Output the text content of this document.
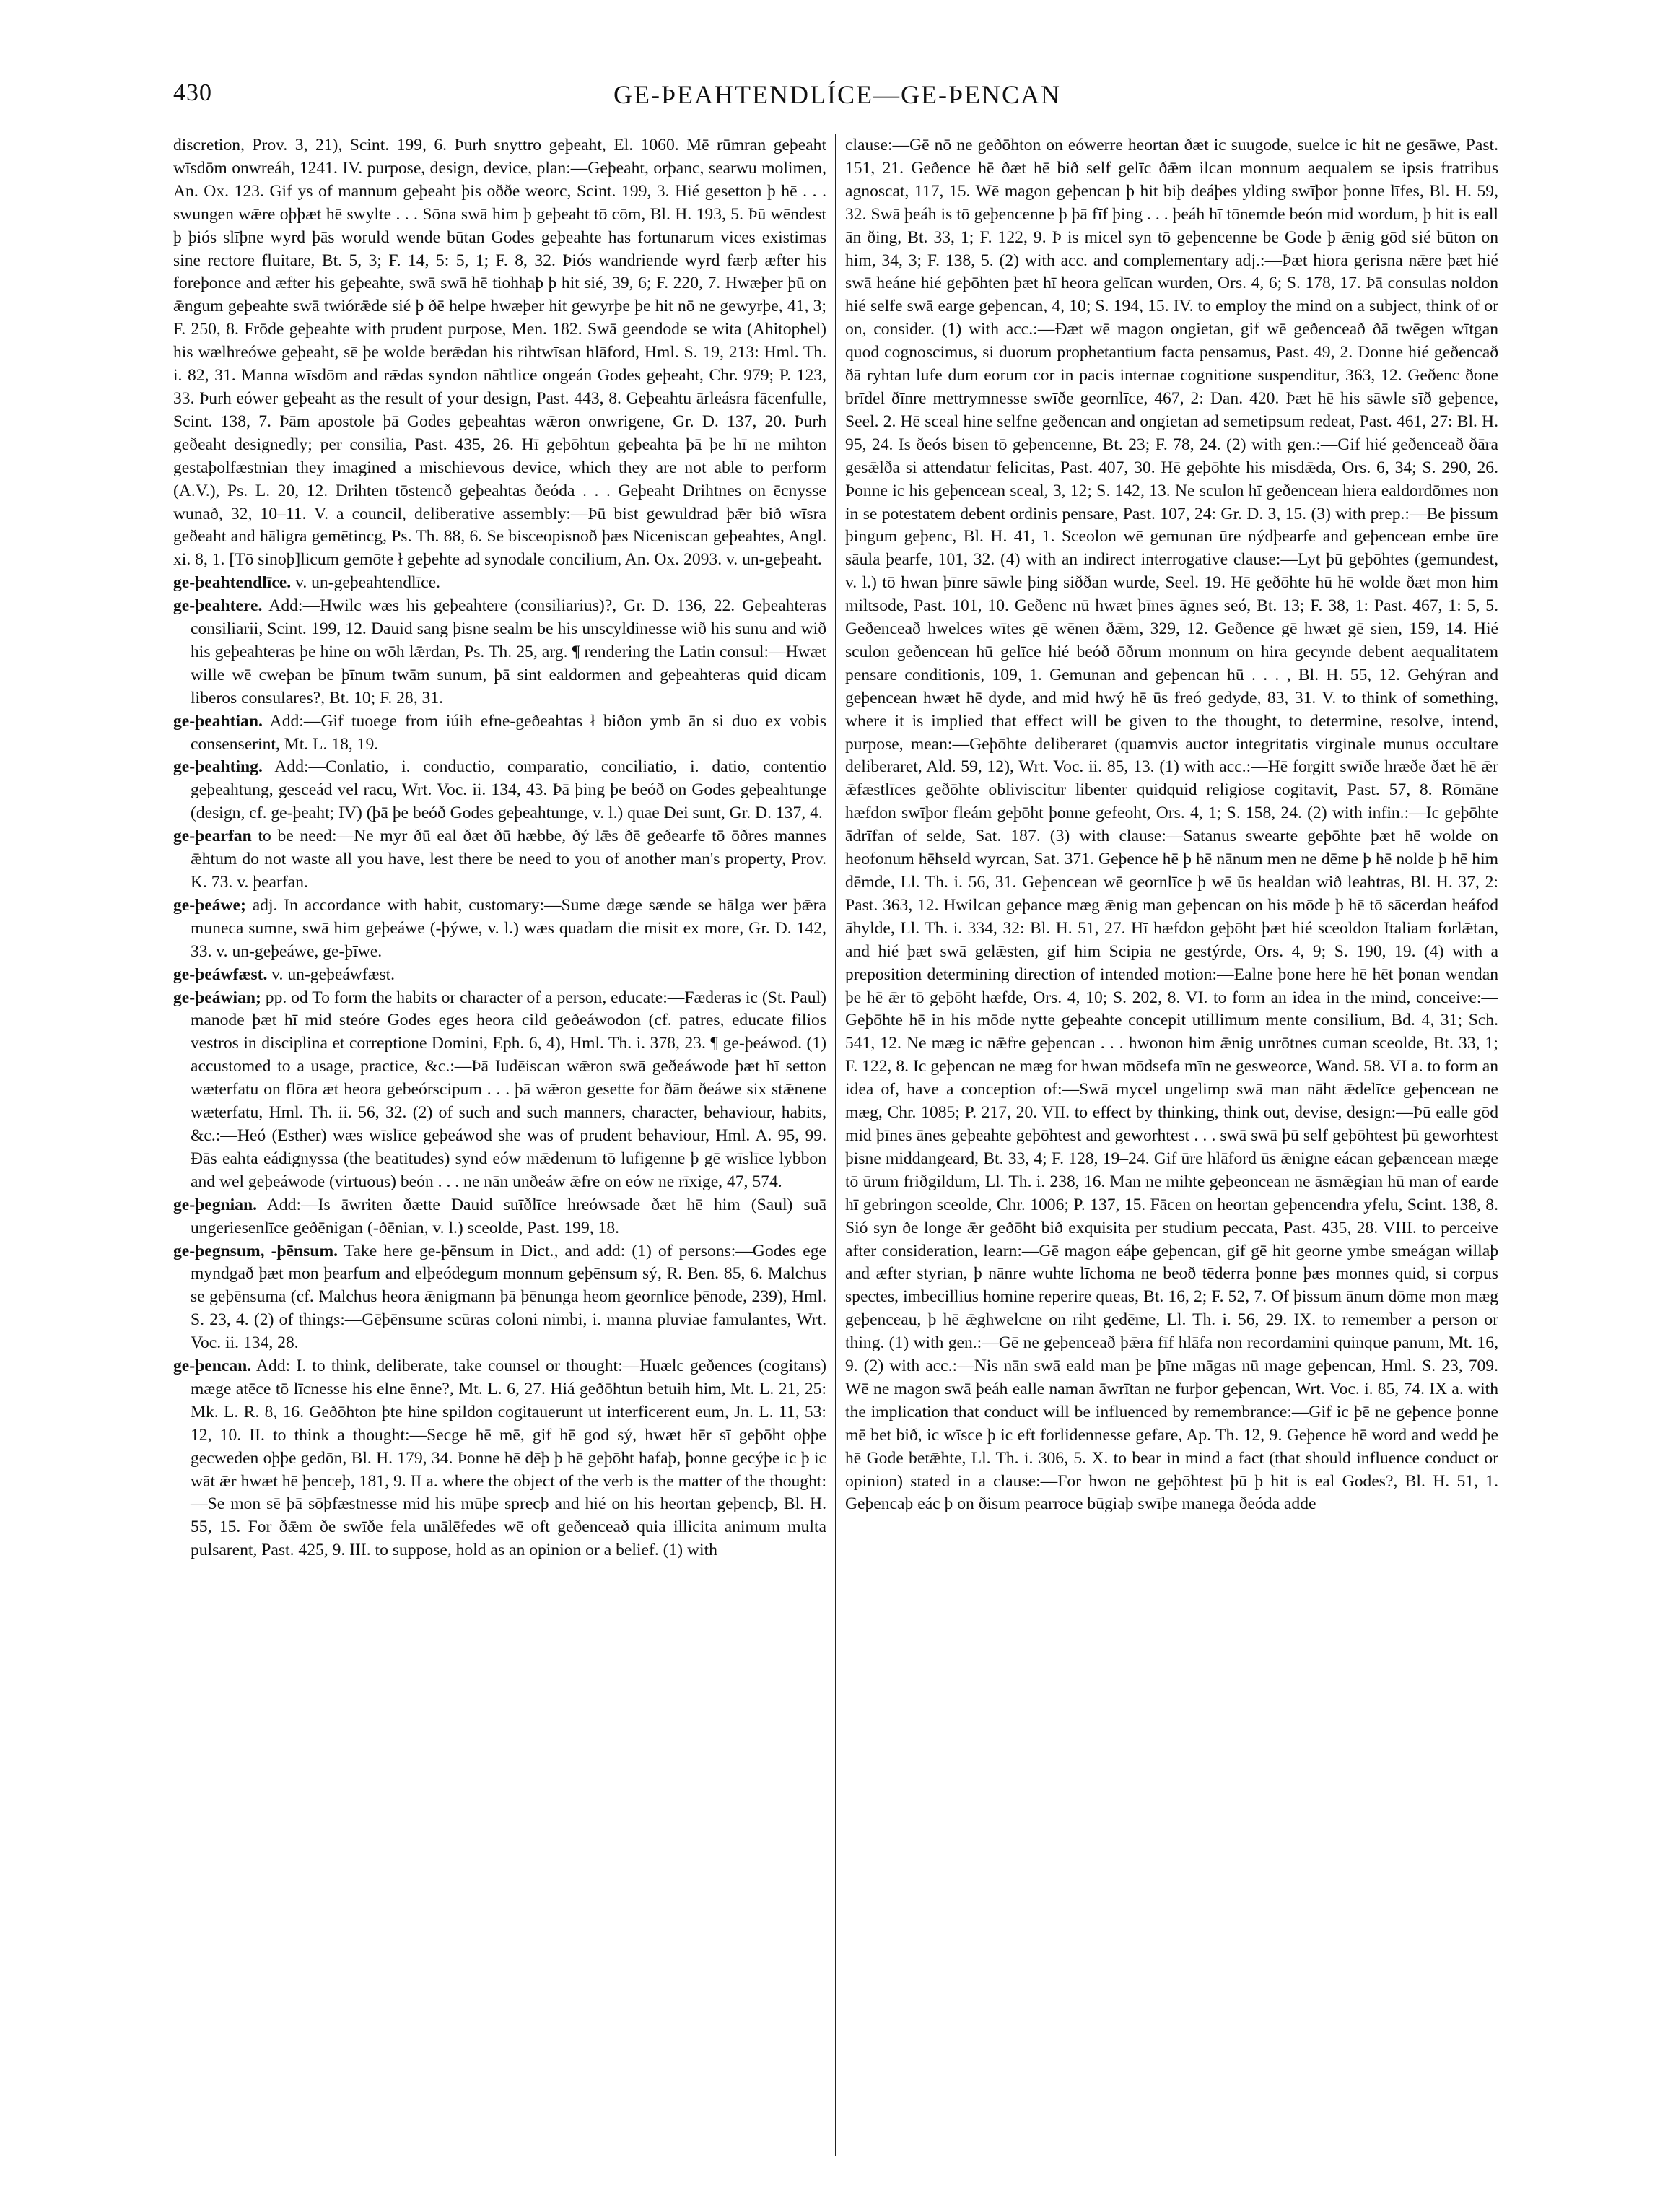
430	GE-ÞEAHTENDLÍCE—GE-ÞENCAN

discretion, Prov. 3, 21), Scint. 199, 6. Þurh snyttro geþeaht, El. 1060. Mē rūmran geþeaht wīsdōm onwreáh, 1241. IV. purpose, design, device, plan:—Geþeaht, orþanc, searwu molimen, An. Ox. 123. Gif ys of mannum geþeaht þis oððe weorc, Scint. 199, 3. Hié gesetton þ hē . . . swungen wǣre oþþæt hē swylte . . . Sōna swā him þ geþeaht tō cōm, Bl. H. 193, 5. Þū wēndest þ þiós slīþne wyrd þās woruld wende būtan Godes geþeahte has fortunarum vices existimas sine rectore fluitare, Bt. 5, 3; F. 14, 5: 5, 1; F. 8, 32. Þiós wandriende wyrd færþ æfter his foreþonce and æfter his geþeahte, swā swā hē tiohhaþ þ hit sié, 39, 6; F. 220, 7. Hwæþer þū on ǣngum geþeahte swā twiórǣde sié þ ðē helpe hwæþer hit gewyrþe þe hit nō ne gewyrþe, 41, 3; F. 250, 8. Frōde geþeahte with prudent purpose, Men. 182. Swā geendode se wita (Ahitophel) his wælhreówe geþeaht, sē þe wolde berǣdan his rihtwīsan hlāford, Hml. S. 19, 213: Hml. Th. i. 82, 31. Manna wīsdōm and rǣdas syndon nāhtlice ongeán Godes geþeaht, Chr. 979; P. 123, 33. Þurh eówer geþeaht as the result of your design, Past. 443, 8. Geþeahtu ārleásra fācenfulle, Scint. 138, 7. Þām apostole þā Godes geþeahtas wǣron onwrigene, Gr. D. 137, 20. Þurh geðeaht designedly; per consilia, Past. 435, 26. Hī geþōhtun geþeahta þā þe hī ne mihton gestaþolfæstnian they imagined a mischievous device, which they are not able to perform (A.V.), Ps. L. 20, 12. Drihten tōstencð geþeahtas ðeóda . . . Geþeaht Drihtnes on ēcnysse wunað, 32, 10–11. V. a council, deliberative assembly:—Þū bist gewuldrad þǣr bið wīsra geðeaht and hāligra gemētincg, Ps. Th. 88, 6. Se bisceopisnoð þæs Niceniscan geþeahtes, Angl. xi. 8, 1. [Tō sinoþ]licum gemōte ł geþehte ad synodale concilium, An. Ox. 2093. v. un-geþeaht.

ge-þeahtendlīce. v. un-geþeahtendlīce.

ge-þeahtere. Add:—Hwilc wæs his geþeahtere (consiliarius)?, Gr. D. 136, 22. Geþeahteras consiliarii, Scint. 199, 12. Dauid sang þisne sealm be his unscyldinesse wið his sunu and wið his geþeahteras þe hine on wōh lǣrdan, Ps. Th. 25, arg. ¶ rendering the Latin consul:—Hwæt wille wē cweþan be þīnum twām sunum, þā sint ealdormen and geþeahteras quid dicam liberos consulares?, Bt. 10; F. 28, 31.

ge-þeahtian. Add:—Gif tuoege from iúih efne-geðeahtas ł biðon ymb ān si duo ex vobis consenserint, Mt. L. 18, 19.

ge-þeahting. Add:—Conlatio, i. conductio, comparatio, conciliatio, i. datio, contentio geþeahtung, gesceád vel racu, Wrt. Voc. ii. 134, 43. Þā þing þe beóð on Godes geþeahtunge (design, cf. ge-þeaht; IV) (þā þe beóð Godes geþeahtunge, v. l.) quae Dei sunt, Gr. D. 137, 4.

ge-þearfan to be need:—Ne myr ðū eal ðæt ðū hæbbe, ðý lǣs ðē geðearfe tō ōðres mannes ǣhtum do not waste all you have, lest there be need to you of another man's property, Prov. K. 73. v. þearfan.

ge-þeáwe; adj. In accordance with habit, customary:—Sume dæge sænde se hālga wer þǣra muneca sumne, swā him geþeáwe (-þýwe, v. l.) wæs quadam die misit ex more, Gr. D. 142, 33. v. un-geþeáwe, ge-þīwe.

ge-þeáwfæst. v. un-geþeáwfæst.

ge-þeáwian; pp. od To form the habits or character of a person, educate:—Fæderas ic (St. Paul) manode þæt hī mid steóre Godes eges heora cild geðeáwodon (cf. patres, educate filios vestros in disciplina et correptione Domini, Eph. 6, 4), Hml. Th. i. 378, 23. ¶ ge-þeáwod. (1) accustomed to a usage, practice, &c.:—Þā Iudēiscan wǣron swā geðeáwode þæt hī setton wæterfatu on flōra æt heora gebeórscipum . . . þā wǣron gesette for ðām ðeáwe six stǣnene wæterfatu, Hml. Th. ii. 56, 32. (2) of such and such manners, character, behaviour, habits, &c.:—Heó (Esther) wæs wīslīce geþeáwod she was of prudent behaviour, Hml. A. 95, 99. Ðās eahta eádignyssa (the beatitudes) synd eów mǣdenum tō lufigenne þ gē wīslīce lybbon and wel geþeáwode (virtuous) beón . . . ne nān unðeáw ǣfre on eów ne rīxige, 47, 574.

ge-þegnian. Add:—Is āwriten ðætte Dauid suīðlīce hreówsade ðæt hē him (Saul) suā ungeriesenlīce geðēnigan (-ðēnian, v. l.) sceolde, Past. 199, 18.

ge-þegnsum, -þēnsum. Take here ge-þēnsum in Dict., and add: (1) of persons:—Godes ege myndgað þæt mon þearfum and elþeódegum monnum geþēnsum sý, R. Ben. 85, 6. Malchus se geþēnsuma (cf. Malchus heora ǣnigmann þā þēnunga heom geornlīce þēnode, 239), Hml. S. 23, 4. (2) of things:—Gēþēnsume scūras coloni nimbi, i. manna pluviae famulantes, Wrt. Voc. ii. 134, 28.

ge-þencan. Add: I. to think, deliberate, take counsel or thought:—Huælc geðences (cogitans) mæge atēce tō līcnesse his elne ēnne?, Mt. L. 6, 27. Hiá geðōhtun betuih him, Mt. L. 21, 25: Mk. L. R. 8, 16. Geðōhton þte hine spildon cogitauerunt ut interficerent eum, Jn. L. 11, 53: 12, 10. II. to think a thought:—Secge hē mē, gif hē god sý, hwæt hēr sī geþōht oþþe gecweden oþþe gedōn, Bl. H. 179, 34. Þonne hē dēþ þ hē geþōht hafaþ, þonne gecýþe ic þ ic wāt ǣr hwæt hē þenceþ, 181, 9. II a. where the object of the verb is the matter of the thought:—Se mon sē þā sōþfæstnesse mid his mūþe sprecþ and hié on his heortan geþencþ, Bl. H. 55, 15. For ðǣm ðe swīðe fela unālēfedes wē oft geðenceað quia illicita animum multa pulsarent, Past. 425, 9. III. to suppose, hold as an opinion or a belief. (1) with

clause:—Gē nō ne geðōhton on eówerre heortan ðæt ic suugode, suelce ic hit ne gesāwe, Past. 151, 21. Geðence hē ðæt hē bið self gelīc ðǣm ilcan monnum aequalem se ipsis fratribus agnoscat, 117, 15. Wē magon geþencan þ hit biþ deáþes ylding swīþor þonne līfes, Bl. H. 59, 32. Swā þeáh is tō geþencenne þ þā fīf þing . . . þeáh hī tōnemde beón mid wordum, þ hit is eall ān ðing, Bt. 33, 1; F. 122, 9. Þ is micel syn tō geþencenne be Gode þ ǣnig gōd sié būton on him, 34, 3; F. 138, 5. (2) with acc. and complementary adj.:—Þæt hiora gerisna nǣre þæt hié swā heáne hié geþōhten þæt hī heora gelīcan wurden, Ors. 4, 6; S. 178, 17. Þā consulas noldon hié selfe swā earge geþencan, 4, 10; S. 194, 15. IV. to employ the mind on a subject, think of or on, consider. (1) with acc.:—Ðæt wē magon ongietan, gif wē geðenceað ðā twēgen wītgan quod cognoscimus, si duorum prophetantium facta pensamus, Past. 49, 2. Ðonne hié geðencað ðā ryhtan lufe dum eorum cor in pacis internae cognitione suspenditur, 363, 12. Geðenc ðone brīdel ðīnre mettrymnesse swīðe geornlīce, 467, 2: Dan. 420. Þæt hē his sāwle sīð geþence, Seel. 2. Hē sceal hine selfne geðencan and ongietan ad semetipsum redeat, Past. 461, 27: Bl. H. 95, 24. Is ðeós bisen tō geþencenne, Bt. 23; F. 78, 24. (2) with gen.:—Gif hié geðenceað ðāra gesǣlða si attendatur felicitas, Past. 407, 30. Hē geþōhte his misdǣda, Ors. 6, 34; S. 290, 26. Þonne ic his geþencean sceal, 3, 12; S. 142, 13. Ne sculon hī geðencean hiera ealdordōmes non in se potestatem debent ordinis pensare, Past. 107, 24: Gr. D. 3, 15. (3) with prep.:—Be þissum þingum geþenc, Bl. H. 41, 1. Sceolon wē gemunan ūre nýdþearfe and geþencean embe ūre sāula þearfe, 101, 32. (4) with an indirect interrogative clause:—Lyt þū geþōhtes (gemundest, v. l.) tō hwan þīnre sāwle þing siððan wurde, Seel. 19. Hē geðōhte hū hē wolde ðæt mon him miltsode, Past. 101, 10. Geðenc nū hwæt þīnes āgnes seó, Bt. 13; F. 38, 1: Past. 467, 1: 5, 5. Geðenceað hwelces wītes gē wēnen ðǣm, 329, 12. Geðence gē hwæt gē sien, 159, 14. Hié sculon geðencean hū gelīce hié beóð ōðrum monnum on hira gecynde debent aequalitatem pensare conditionis, 109, 1. Gemunan and geþencan hū . . . , Bl. H. 55, 12. Gehýran and geþencean hwæt hē dyde, and mid hwý hē ūs freó gedyde, 83, 31. V. to think of something, where it is implied that effect will be given to the thought, to determine, resolve, intend, purpose, mean:—Geþōhte deliberaret (quamvis auctor integritatis virginale munus occultare deliberaret, Ald. 59, 12), Wrt. Voc. ii. 85, 13. (1) with acc.:—Hē forgitt swīðe hræðe ðæt hē ǣr ǣfæstlīces geðōhte obliviscitur libenter quidquid religiose cogitavit, Past. 57, 8. Rōmāne hæfdon swīþor fleám geþōht þonne gefeoht, Ors. 4, 1; S. 158, 24. (2) with infin.:—Ic geþōhte ādrīfan of selde, Sat. 187. (3) with clause:—Satanus swearte geþōhte þæt hē wolde on heofonum hēhseld wyrcan, Sat. 371. Geþence hē þ hē nānum men ne dēme þ hē nolde þ hē him dēmde, Ll. Th. i. 56, 31. Geþencean wē geornlīce þ wē ūs healdan wið leahtras, Bl. H. 37, 2: Past. 363, 12. Hwilcan geþance mæg ǣnig man geþencan on his mōde þ hē tō sācerdan heáfod āhylde, Ll. Th. i. 334, 32: Bl. H. 51, 27. Hī hæfdon geþōht þæt hié sceoldon Italiam forlǣtan, and hié þæt swā gelǣsten, gif him Scipia ne gestýrde, Ors. 4, 9; S. 190, 19. (4) with a preposition determining direction of intended motion:—Ealne þone here hē hēt þonan wendan þe hē ǣr tō geþōht hæfde, Ors. 4, 10; S. 202, 8. VI. to form an idea in the mind, conceive:—Geþōhte hē in his mōde nytte geþeahte concepit utillimum mente consilium, Bd. 4, 31; Sch. 541, 12. Ne mæg ic nǣfre geþencan . . . hwonon him ǣnig unrōtnes cuman sceolde, Bt. 33, 1; F. 122, 8. Ic geþencan ne mæg for hwan mōdsefa mīn ne gesweorce, Wand. 58. VI a. to form an idea of, have a conception of:—Swā mycel ungelimp swā man nāht ǣdelīce geþencean ne mæg, Chr. 1085; P. 217, 20. VII. to effect by thinking, think out, devise, design:—Þū ealle gōd mid þīnes ānes geþeahte geþōhtest and geworhtest . . . swā swā þū self geþōhtest þū geworhtest þisne middangeard, Bt. 33, 4; F. 128, 19–24. Gif ūre hlāford ūs ǣnigne eácan geþæncean mæge tō ūrum friðgildum, Ll. Th. i. 238, 16. Man ne mihte geþeoncean ne āsmǣgian hū man of earde hī gebringon sceolde, Chr. 1006; P. 137, 15. Fācen on heortan geþencendra yfelu, Scint. 138, 8. Sió syn ðe longe ǣr geðōht bið exquisita per studium peccata, Past. 435, 28. VIII. to perceive after consideration, learn:—Gē magon eáþe geþencan, gif gē hit georne ymbe smeágan willaþ and æfter styrian, þ nānre wuhte līchoma ne beoð tēderra þonne þæs monnes quid, si corpus spectes, imbecillius homine reperire queas, Bt. 16, 2; F. 52, 7. Of þissum ānum dōme mon mæg geþenceau, þ hē ǣghwelcne on riht gedēme, Ll. Th. i. 56, 29. IX. to remember a person or thing. (1) with gen.:—Gē ne geþenceað þǣra fīf hlāfa non recordamini quinque panum, Mt. 16, 9. (2) with acc.:—Nis nān swā eald man þe þīne māgas nū mage geþencan, Hml. S. 23, 709. Wē ne magon swā þeáh ealle naman āwrītan ne furþor geþencan, Wrt. Voc. i. 85, 74. IX a. with the implication that conduct will be influenced by remembrance:—Gif ic þē ne geþence þonne mē bet bið, ic wīsce þ ic eft forlidennesse gefare, Ap. Th. 12, 9. Geþence hē word and wedd þe hē Gode betǣhte, Ll. Th. i. 306, 5. X. to bear in mind a fact (that should influence conduct or opinion) stated in a clause:—For hwon ne geþōhtest þū þ hit is eal Godes?, Bl. H. 51, 1. Geþencaþ eác þ on ðisum pearroce būgiaþ swīþe manega ðeóda adde
